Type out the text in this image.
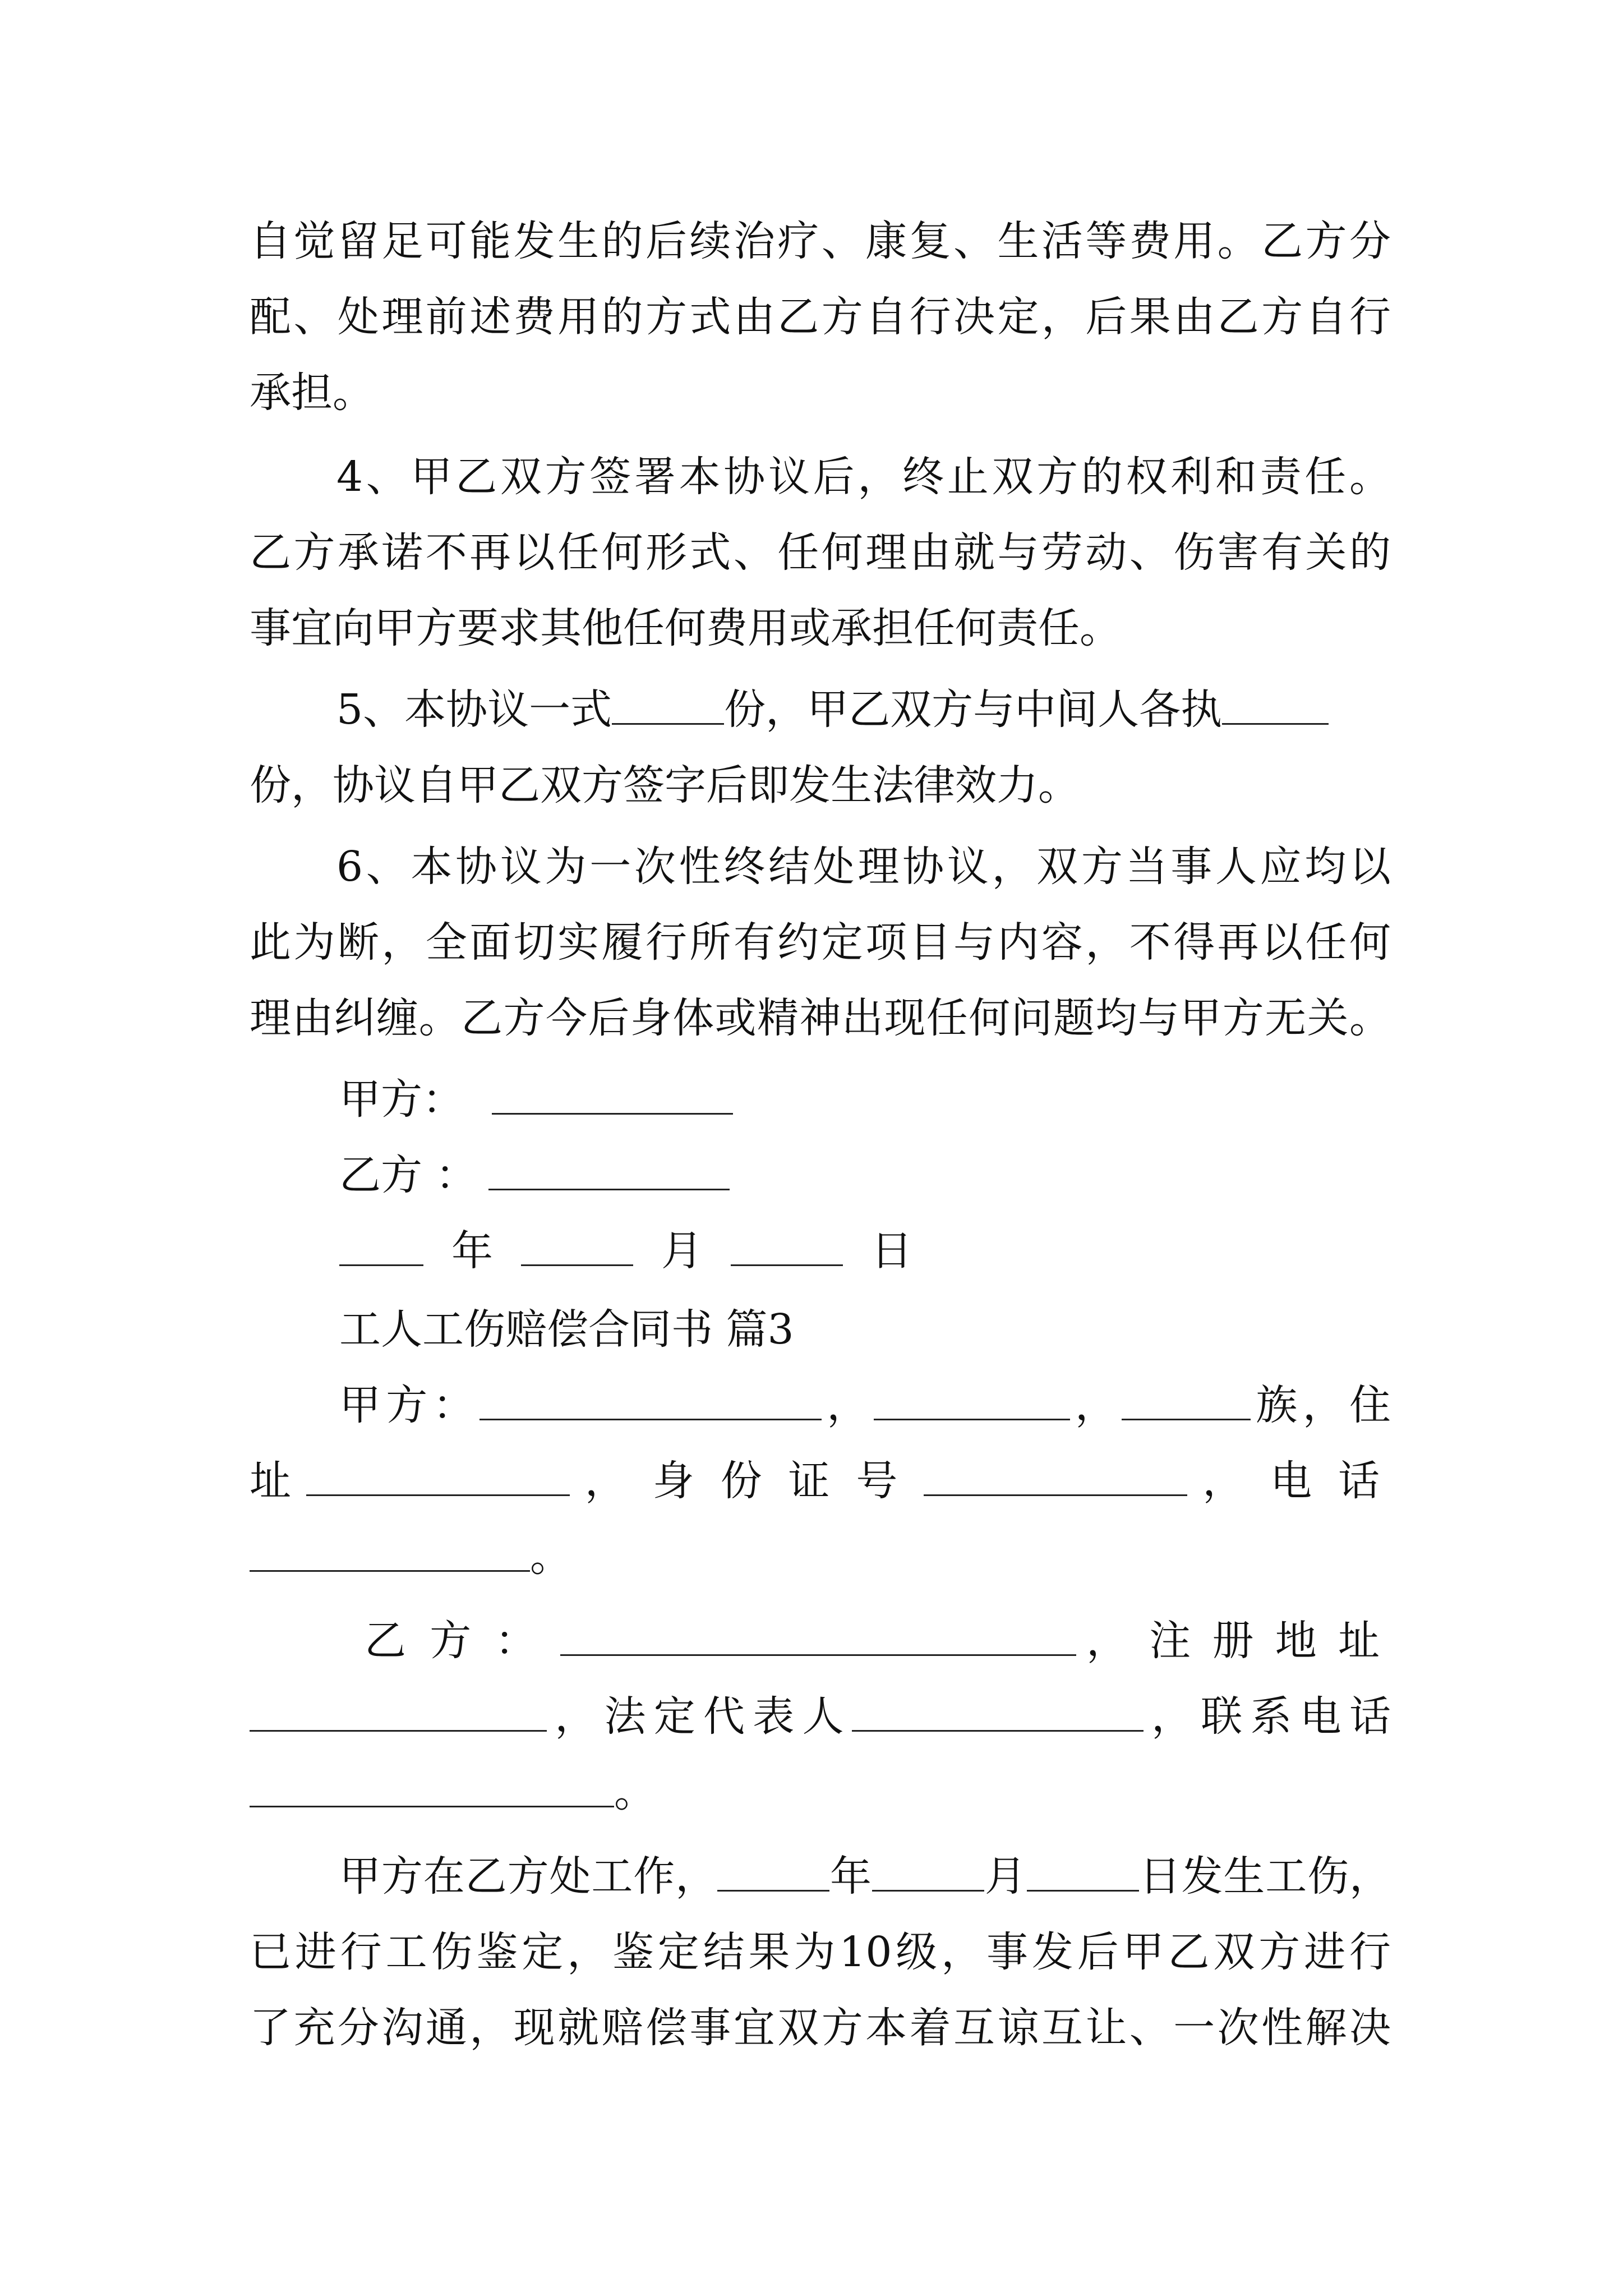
自觉留足可能发生的后续治疗、康复、生活等费用。乙方分
配、处理前述费用的方式由乙方自行决定，后果由乙方自行
承担。
4、甲乙双方签署本协议后，终止双方的权利和责任。
乙方承诺不再以任何形式、任何理由就与劳动、伤害有关的
事宜向甲方要求其他任何费用或承担任何责任。
5、本协议一式	份，甲乙双方与中间人各执
份，协议自甲乙双方签字后即发生法律效力。
6、本协议为一次性终结处理协议，双方当事人应均以
此为断，全面切实履行所有约定项目与内容，不得再以任何
理由纠缠。乙方今后身体或精神出现任何问题均与甲方无关。
甲方：
乙方 ：
年	月	日
工人工伤赔偿合同书 篇3
甲方：	，	，	族，住
址	，身份证号	，电话
。
乙方：	，注册地址
，法定代表人	，联系电话
。
甲方在乙方处工作，	年	月	日发生工伤，
已进行工伤鉴定，鉴定结果为10级，事发后甲乙双方进行
了充分沟通，现就赔偿事宜双方本着互谅互让、一次性解决
